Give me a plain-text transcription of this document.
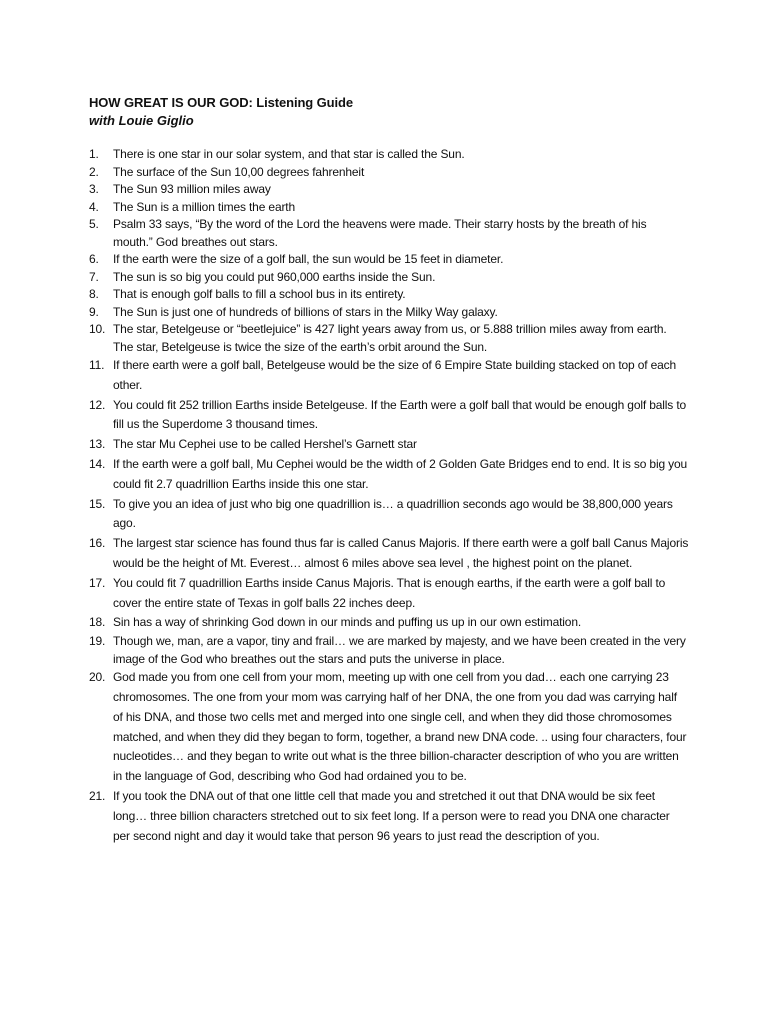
HOW GREAT IS OUR GOD: Listening Guide

with Louie Giglio

1.	There is one star in our solar system, and that star is called the Sun.
2.	The surface of the Sun 10,00 degrees fahrenheit
3.	The Sun 93 million miles away
4.	The Sun is a million times the earth
5.	Psalm 33 says, “By the word of the Lord the heavens were made. Their starry hosts by the breath of his mouth.” God breathes out stars.
6.	If the earth were the size of a golf ball, the sun would be 15 feet in diameter.
7.	The sun is so big you could put 960,000 earths inside the Sun.
8.	That is enough golf balls to fill a school bus in its entirety.
9.	The Sun is just one of hundreds of billions of stars in the Milky Way galaxy.
10. The star, Betelgeuse or “beetlejuice” is 427 light years away from us, or 5.888 trillion miles away from earth. The star, Betelgeuse is twice the size of the earth’s orbit around the Sun.
11. If there earth were a golf ball, Betelgeuse would be the size of 6 Empire State building stacked on top of each other.
12. You could fit 252 trillion Earths inside Betelgeuse. If the Earth were a golf ball that would be enough golf balls to fill us the Superdome 3 thousand times.
13. The star Mu Cephei use to be called Hershel’s Garnett star
14. If the earth were a golf ball, Mu Cephei would be the width of 2 Golden Gate Bridges end to end. It is so big you could fit 2.7 quadrillion Earths inside this one star.
15. To give you an idea of just who big one quadrillion is… a quadrillion seconds ago would be 38,800,000 years ago.
16. The largest star science has found thus far is called Canus Majoris. If there earth were a golf ball Canus Majoris would be the height of Mt. Everest… almost 6 miles above sea level , the highest point on the planet.
17. You could fit 7 quadrillion Earths inside Canus Majoris. That is enough earths, if the earth were a golf ball to cover the entire state of Texas in golf balls 22 inches deep.
18. Sin has a way of shrinking God down in our minds and puffing us up in our own estimation.
19. Though we, man, are a vapor, tiny and frail… we are marked by majesty, and we have been created in the very image of the God who breathes out the stars and puts the universe in place.
20. God made you from one cell from your mom, meeting up with one cell from you dad… each one carrying 23 chromosomes. The one from your mom was carrying half of her DNA, the one from you dad was carrying half of his DNA, and those two cells met and merged into one single cell, and when they did those chromosomes matched, and when they did they began to form, together, a brand new DNA code. .. using four characters, four nucleotides… and they began to write out what is the three billion-character description of who you are written in the language of God, describing who God had ordained you to be.
21. If you took the DNA out of that one little cell that made you and stretched it out that DNA would be six feet long… three billion characters stretched out to six feet long. If a person were to read you DNA one character per second night and day it would take that person 96 years to just read the description of you.
